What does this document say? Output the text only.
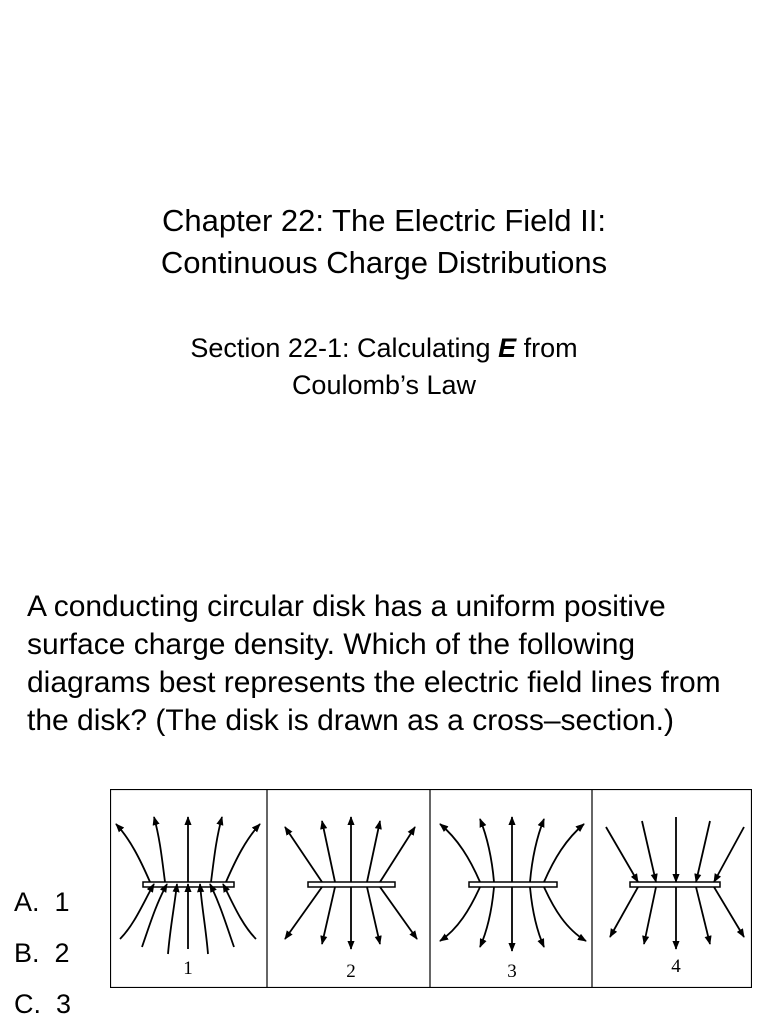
Chapter 22: The Electric Field II:
Continuous Charge Distributions
Section 22-1: Calculating E from
Coulomb’s Law
A conducting circular disk has a uniform positive surface charge density. Which of the following diagrams best represents the electric field lines from the disk? (The disk is drawn as a cross–section.)
A. 1
B. 2
C. 3
1	2	3	4
